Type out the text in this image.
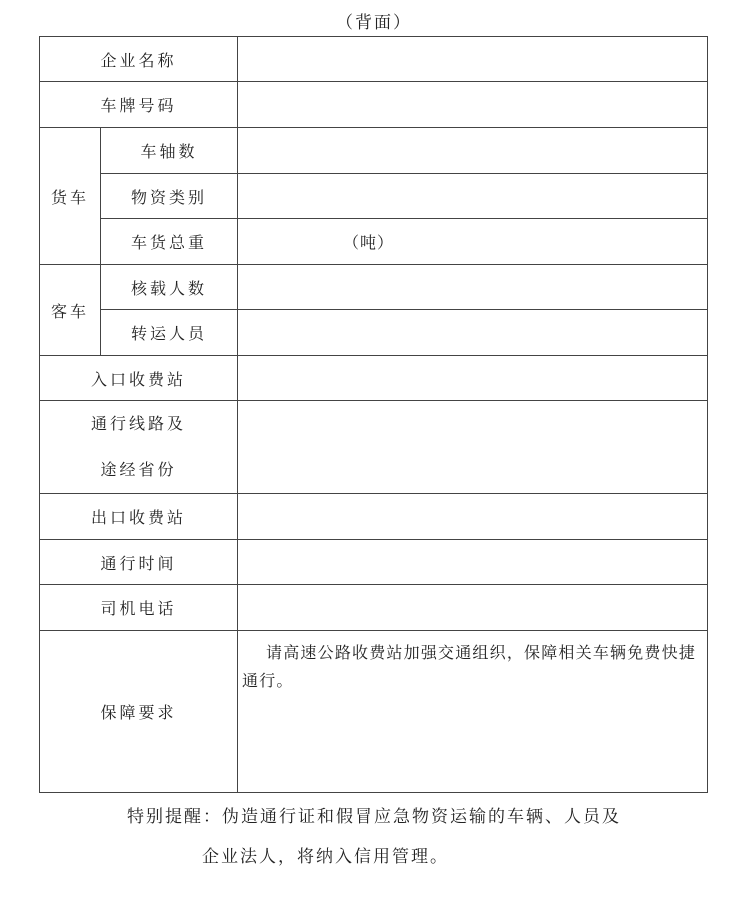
（背面）
企业名称		
车牌号码		
货车	车轴数	
	物资类别	
	车货总重	（吨）

客车	核载人数	
	转运人员	
入口收费站		

通行线路及
途经省份		

出口收费站		
通行时间		
司机电话		
保障要求		请高速公路收费站加强交通组织，保障相关车辆免费快捷通行。
特别提醒：伪造通行证和假冒应急物资运输的车辆、人员及
企业法人，将纳入信用管理。
